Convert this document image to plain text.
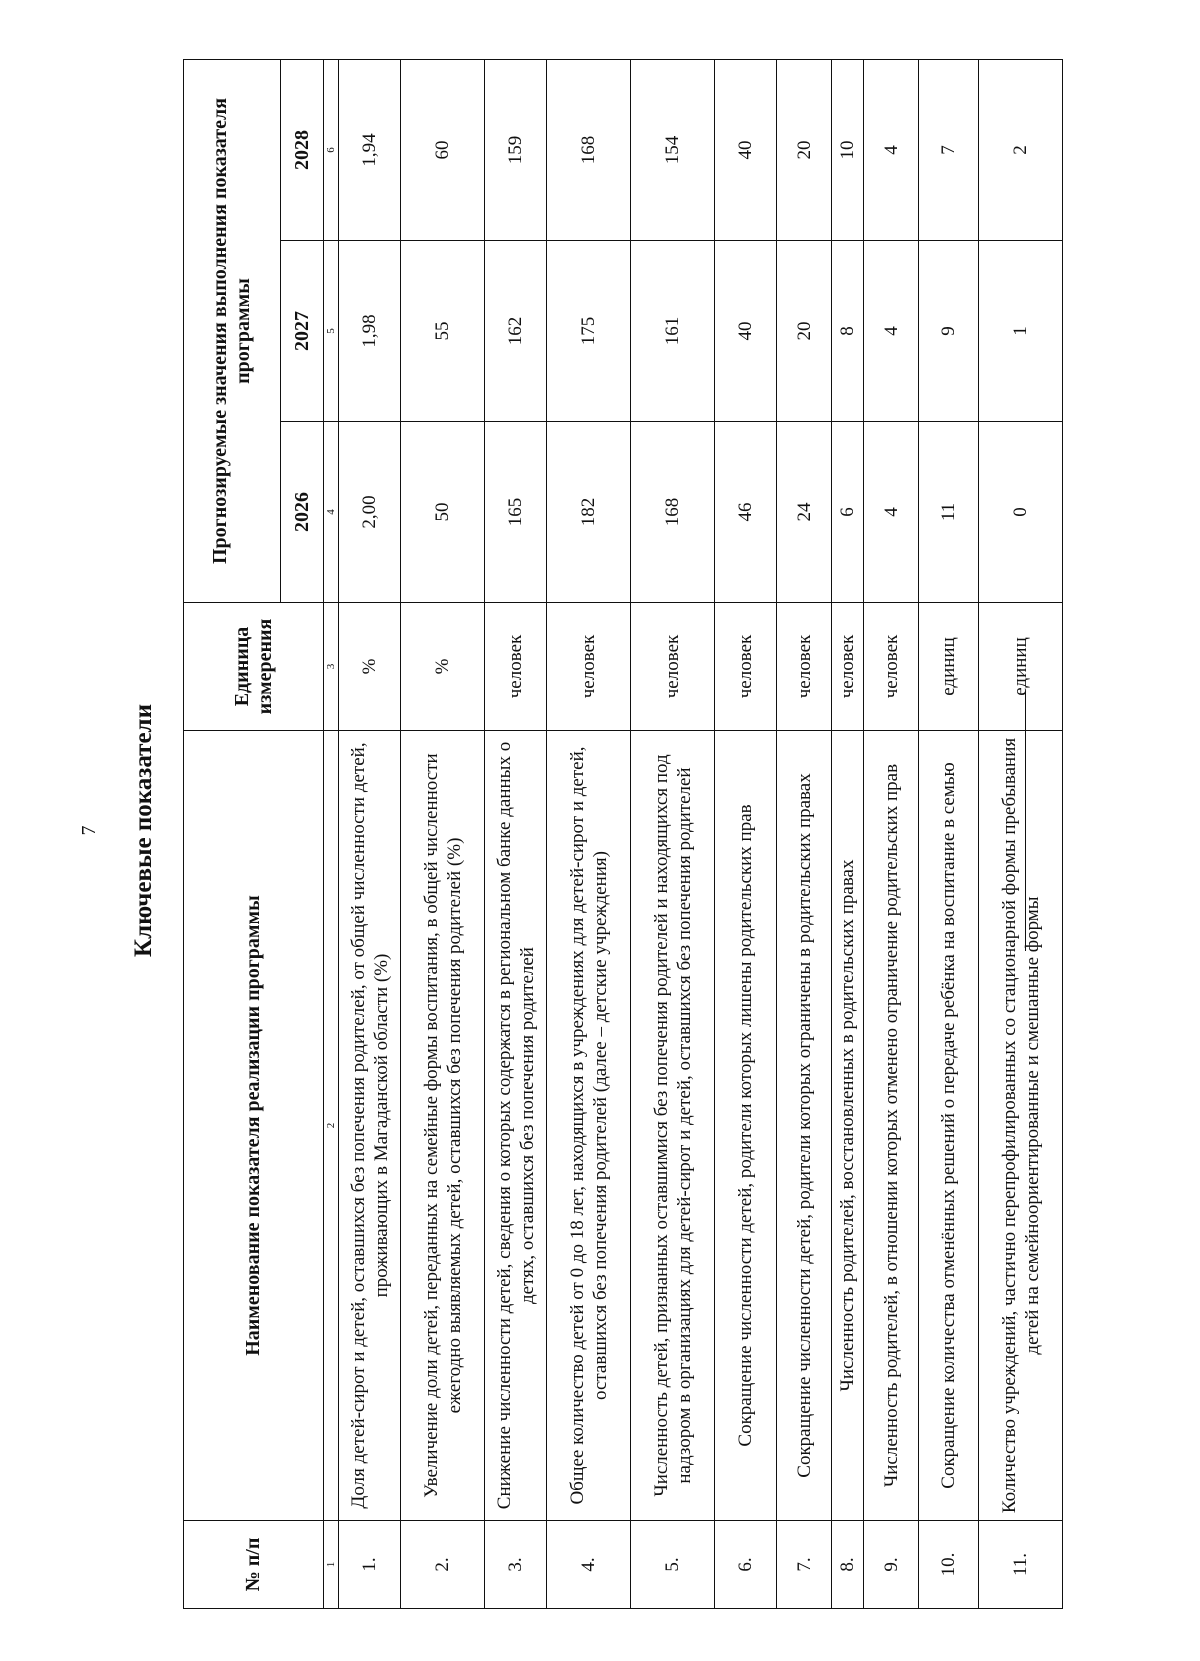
7 Ключевые показатели
№ п/п	Наименование показателя реализации программы	Единица измерения	Прогнозируемые значения выполнения показателя программы		
			2026	2027	2028
1	2	3	4	5	6
1.	Доля детей-сирот и детей, оставшихся без попечения родителей, от общей численности детей, проживающих в Магаданской области (%)	%	2,00	1,98	1,94
2.	Увеличение доли детей, переданных на семейные формы воспитания, в общей численности ежегодно выявляемых детей, оставшихся без попечения родителей (%)	%	50	55	60
3.	Снижение численности детей, сведения о которых содержатся в региональном банке данных о детях, оставшихся без попечения родителей	человек	165	162	159
4.	Общее количество детей от 0 до 18 лет, находящихся в учреждениях для детей-сирот и детей, оставшихся без попечения родителей (далее – детские учреждения)	человек	182	175	168
5.	Численность детей, признанных оставшимися без попечения родителей и находящихся под надзором в организациях для детей-сирот и детей, оставшихся без попечения родителей	человек	168	161	154
6.	Сокращение численности детей, родители которых лишены родительских прав	человек	46	40	40
7.	Сокращение численности детей, родители которых ограничены в родительских правах	человек	24	20	20
8.	Численность родителей, восстановленных в родительских правах	человек	6	8	10
9.	Численность родителей, в отношении которых отменено ограничение родительских прав	человек	4	4	4
10.	Сокращение количества отменённых решений о передаче ребёнка на воспитание в семью	единиц	11	9	7
11.	Количество учреждений, частично перепрофилированных со стационарной формы пребывания детей на семейноориентированные и смешанные формы	единиц	0	1	2
